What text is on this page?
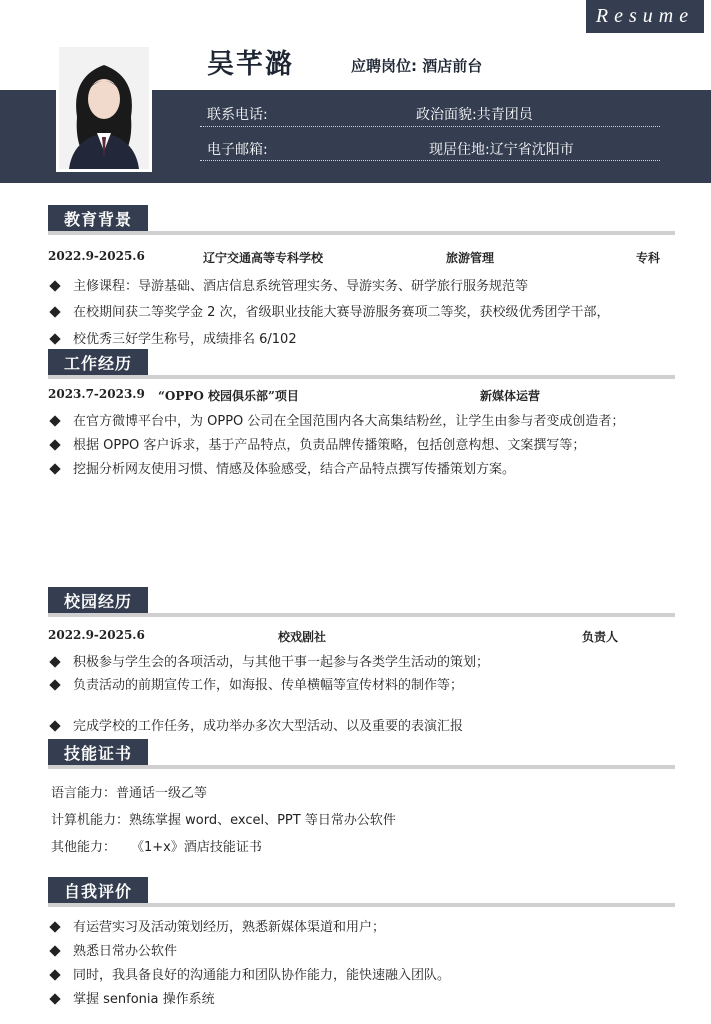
Resume
吴芊潞	应聘岗位: 酒店前台
联系电话:	政治面貌:共青团员
电子邮箱:	现居住地:辽宁省沈阳市
教育背景
2022.9-2025.6	辽宁交通高等专科学校	旅游管理	专科
主修课程：导游基础、酒店信息系统管理实务、导游实务、研学旅行服务规范等
在校期间获二等奖学金 2 次，省级职业技能大赛导游服务赛项二等奖，获校级优秀团学干部，
校优秀三好学生称号，成绩排名 6/102
工作经历
2023.7-2023.9 “OPPO 校园俱乐部”项目	新媒体运营
在官方微博平台中，为 OPPO 公司在全国范围内各大高集结粉丝，让学生由参与者变成创造者；
根据 OPPO 客户诉求，基于产品特点，负责品牌传播策略，包括创意构想、文案撰写等；
挖掘分析网友使用习惯、情感及体验感受，结合产品特点撰写传播策划方案。
校园经历
2022.9-2025.6	校戏剧社	负责人
积极参与学生会的各项活动，与其他干事一起参与各类学生活动的策划；
负责活动的前期宣传工作，如海报、传单横幅等宣传材料的制作等；
完成学校的工作任务，成功举办多次大型活动、以及重要的表演汇报
技能证书
语言能力：普通话一级乙等
计算机能力：熟练掌握 word、excel、PPT 等日常办公软件
其他能力： 《1+x》酒店技能证书
自我评价
有运营实习及活动策划经历，熟悉新媒体渠道和用户；
熟悉日常办公软件
同时，我具备良好的沟通能力和团队协作能力，能快速融入团队。
掌握 senfonia 操作系统
